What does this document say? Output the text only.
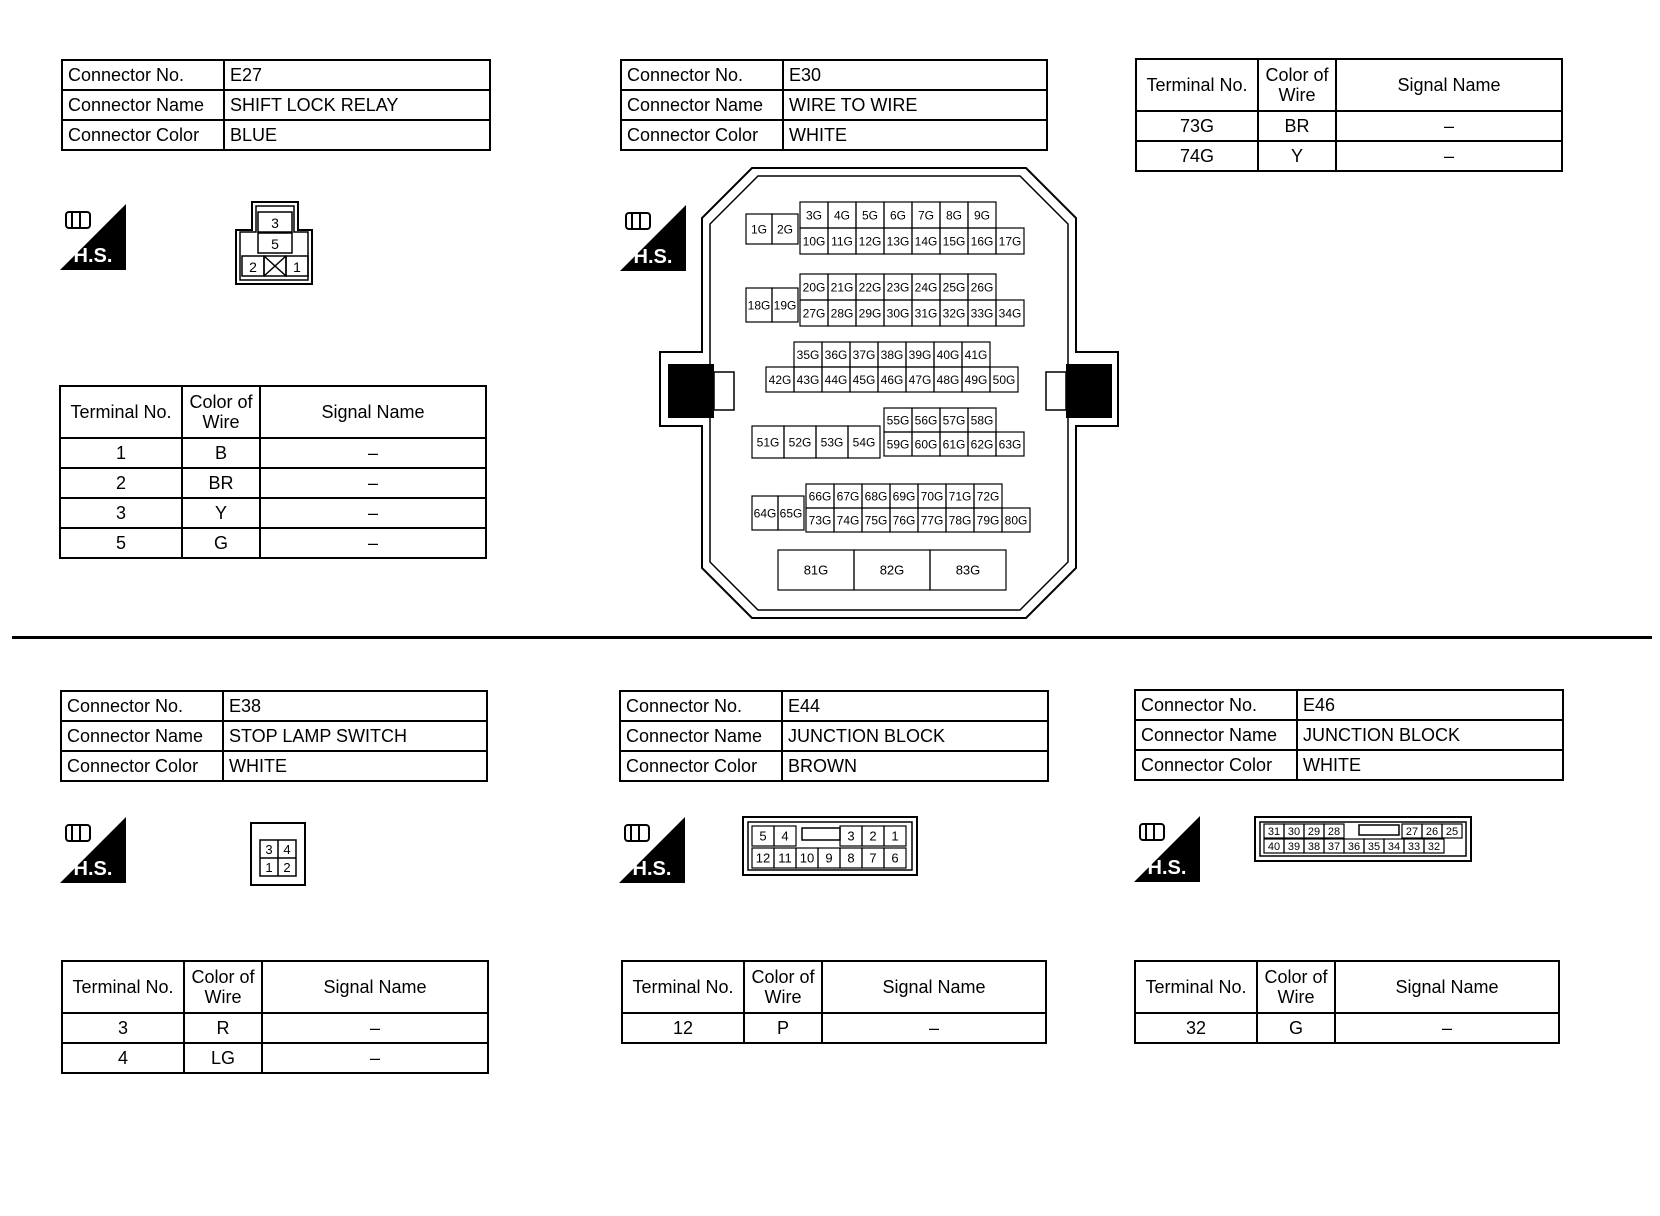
Connector No.	E27
Connector Name	SHIFT LOCK RELAY
Connector Color	BLUE
H.S.
3
5
2	1
Terminal No.	Color of Wire	Signal Name
1	B	–
2	BR	–
3	Y	–
5	G	–
Connector No.	E30
Connector Name	WIRE TO WIRE
Connector Color	WHITE
H.S.
1G 2G
3G 4G 5G 6G 7G 8G 9G
10G 11G 12G 13G 14G 15G 16G 17G
18G 19G
20G 21G 22G 23G 24G 25G 26G
27G 28G 29G 30G 31G 32G 33G 34G
35G 36G 37G 38G 39G 40G 41G
42G 43G 44G 45G 46G 47G 48G 49G 50G
51G 52G 53G 54G
55G 56G 57G 58G
59G 60G 61G 62G 63G
64G 65G
66G 67G 68G 69G 70G 71G 72G
73G 74G 75G 76G 77G 78G 79G 80G
81G	82G	83G
Terminal No.	Color of Wire	Signal Name
73G	BR	–
74G	Y	–
Connector No.	E38
Connector Name	STOP LAMP SWITCH
Connector Color	WHITE
H.S.
3 4
1 2
Terminal No.	Color of Wire	Signal Name
3	R	–
4	LG	–
Connector No.	E44
Connector Name	JUNCTION BLOCK
Connector Color	BROWN
H.S.
5 4	3 2 1
12 11 10 9 8 7 6
Terminal No.	Color of Wire	Signal Name
12	P	–
Connector No.	E46
Connector Name	JUNCTION BLOCK
Connector Color	WHITE
H.S.
31 30 29 28	27 26 25
40 39 38 37 36 35 34 33 32
Terminal No.	Color of Wire	Signal Name
32	G	–
